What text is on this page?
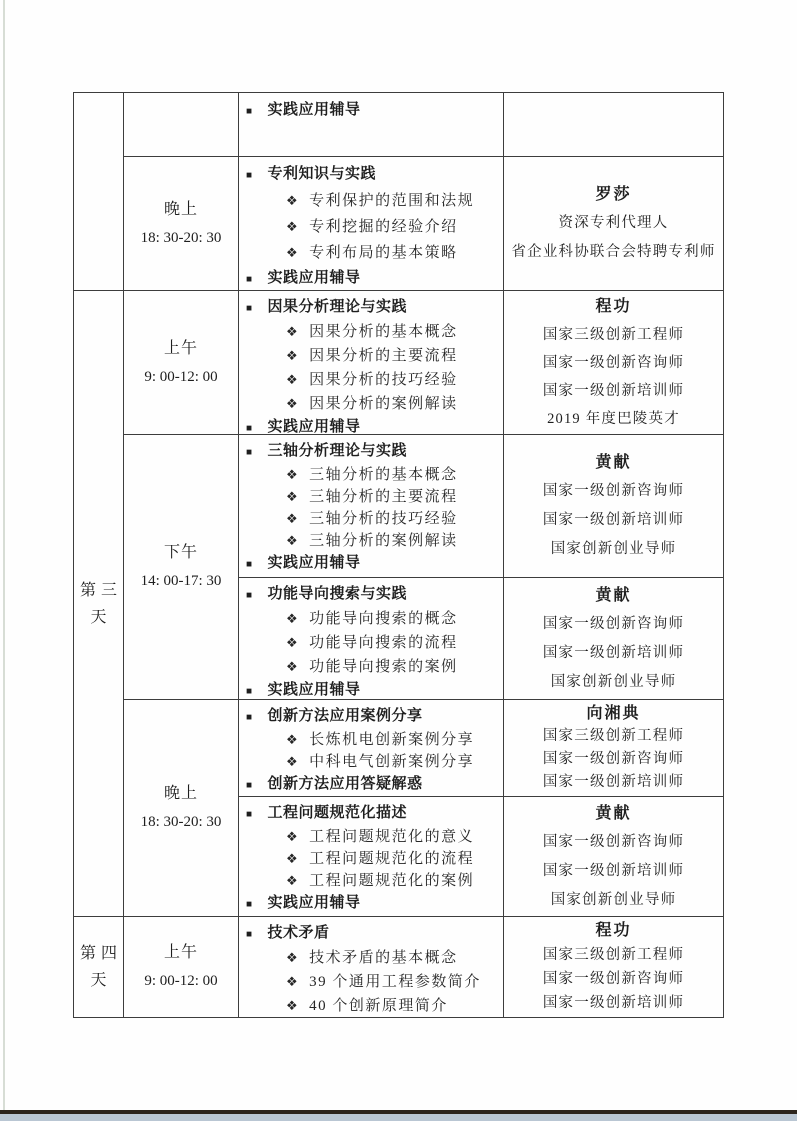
第三
天
第四
天
晚上
18: 30-20: 30
上午
9: 00-12: 00
下午
14: 00-17: 30
晚上
18: 30-20: 30
上午
9: 00-12: 00
■ 实践应用辅导
■ 专利知识与实践
❖ 专利保护的范围和法规
❖ 专利挖掘的经验介绍
❖ 专利布局的基本策略
■ 实践应用辅导
■ 因果分析理论与实践
❖ 因果分析的基本概念
❖ 因果分析的主要流程
❖ 因果分析的技巧经验
❖ 因果分析的案例解读
■ 实践应用辅导
■ 三轴分析理论与实践
❖ 三轴分析的基本概念
❖ 三轴分析的主要流程
❖ 三轴分析的技巧经验
❖ 三轴分析的案例解读
■ 实践应用辅导
■ 功能导向搜索与实践
❖ 功能导向搜索的概念
❖ 功能导向搜索的流程
❖ 功能导向搜索的案例
■ 实践应用辅导
■ 创新方法应用案例分享
❖ 长炼机电创新案例分享
❖ 中科电气创新案例分享
■ 创新方法应用答疑解惑
■ 工程问题规范化描述
❖ 工程问题规范化的意义
❖ 工程问题规范化的流程
❖ 工程问题规范化的案例
■ 实践应用辅导
■ 技术矛盾
❖ 技术矛盾的基本概念
❖ 39 个通用工程参数简介
❖ 40 个创新原理简介
罗莎
资深专利代理人
省企业科协联合会特聘专利师
程功
国家三级创新工程师
国家一级创新咨询师
国家一级创新培训师
2019 年度巴陵英才
黄献
国家一级创新咨询师
国家一级创新培训师
国家创新创业导师
黄献
国家一级创新咨询师
国家一级创新培训师
国家创新创业导师
向湘典
国家三级创新工程师
国家一级创新咨询师
国家一级创新培训师
黄献
国家一级创新咨询师
国家一级创新培训师
国家创新创业导师
程功
国家三级创新工程师
国家一级创新咨询师
国家一级创新培训师
